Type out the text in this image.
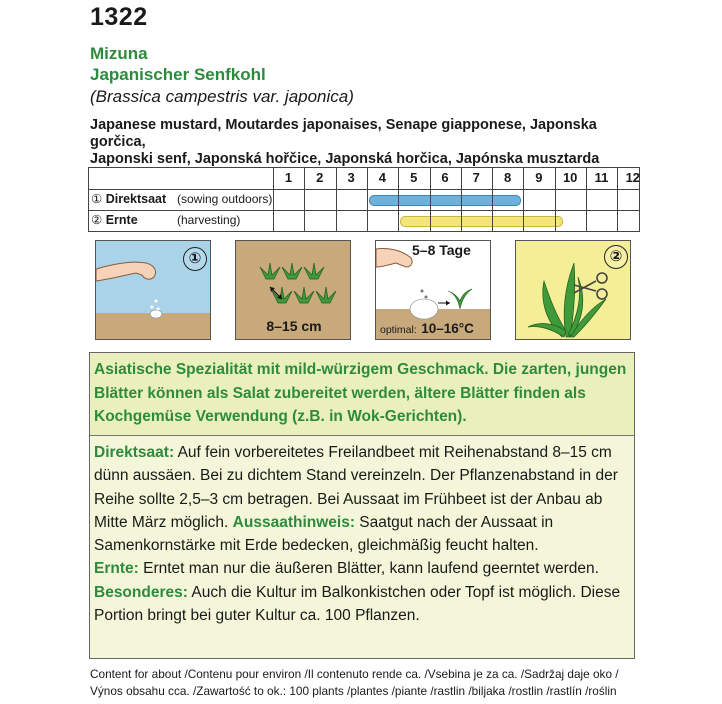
1322
Mizuna
Japanischer Senfkohl
(Brassica campestris var. japonica)
Japanese mustard, Moutardes japonaises, Senape giapponese, Japonska gorčica,
Japonski senf, Japonská hořčice, Japonská horčica, Japónska musztarda
1	2	3	4	5	6	7	8	9	10	11	12
① Direktsaat (sowing outdoors)
② Ernte	(harvesting)
①
8–15 cm
5–8 Tage
optimal: 10–16°C
②

Asiatische Spezialität mit mild-würzigem Geschmack. Die zarten, jungen Blätter können als Salat zubereitet werden, ältere Blätter finden als Kochgemüse Verwendung (z.B. in Wok-Gerichten).

Direktsaat: Auf fein vorbereitetes Freilandbeet mit Reihenabstand 8–15 cm dünn aussäen. Bei zu dichtem Stand vereinzeln. Der Pflanzenabstand in der Reihe sollte 2,5–3 cm betragen. Bei Aussaat im Frühbeet ist der Anbau ab Mitte März möglich. Aussaathinweis: Saatgut nach der Aussaat in Samenkornstärke mit Erde bedecken, gleichmäßig feucht halten.
Ernte: Erntet man nur die äußeren Blätter, kann laufend geerntet werden.
Besonderes: Auch die Kultur im Balkonkistchen oder Topf ist möglich. Diese Portion bringt bei guter Kultur ca. 100 Pflanzen.
Content for about /Contenu pour environ /Il contenuto rende ca. /Vsebina je za ca. /Sadržaj daje oko /
Výnos obsahu cca. /Zawartość to ok.: 100 plants /plantes /piante /rastlin /biljaka /rostlin /rastlín /roślin
